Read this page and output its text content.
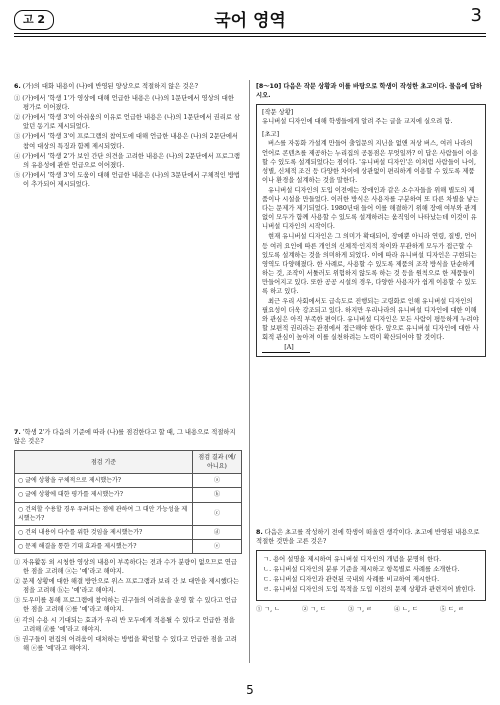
고 2	국어 영역	3
6. (가)의 대화 내용이 (나)에 반영된 양상으로 적절하지 않은 것은?
① (가)에서 '학생 1'가 영상에 대해 언급한 내용은 (나)의 1문단에서 영상의 대한 평가로 이어졌다.
② (가)에서 '학생 3'이 아쉬움의 이유로 언급한 내용은 (나)의 1문단에서 권리로 삼았던 동기로 제시되었다.
③ (가)에서 '학생 3'이 프로그램의 참여도에 대해 언급한 내용은 (나)의 2문단에서 참여 대상의 특징과 함께 제시되었다.
④ (가)에서 '학생 2'가 보인 간단 의견을 고려한 내용은 (나)의 2문단에서 프로그램의 유용성에 관한 언급으로 이어졌다.
⑤ (가)에서 '학생 3'이 도움이 대해 언급한 내용은 (나)의 3문단에서 구체적인 방법이 추가되어 제시되었다.
7. '학생 2'가 다음의 기준에 따라 (나)를 점검한다고 할 때, 그 내용으로 적절하지 않은 것은?
점검 기준	점검 결과 (예/아니요)
○ 글에 상황을 구체적으로 제시했는가?	ⓐ
○ 글에 상황에 대한 평가를 제시했는가?	ⓑ
○ 건의할 수용할 경우 우려되는 점에 관하여 그 대안 가능성을 제시했는가?	ⓒ
○ 건의 내용이 다수를 위한 것임을 제시했는가?	ⓓ
○ 문제 해결을 통한 기대 효과를 제시했는가?	ⓔ
① 자유활동 외 시청한 영상의 내용이 부족하다는 전과 수가 분량이 없으므로 연급한 점을 고려해 ⓐ는 '예'라고 해야지.
② 문제 상황에 대한 해결 방안으로 위스 프로그램과 보리 간 보 대안을 제시했다는 점을 고려해 ⓑ는 '예'라고 해야지.
③ 도우미를 통해 프로그램에 참여하는 권구들의 어려움을 운영 할 수 있다고 언급한 점을 고려해 ⓒ를 '예'라고 해야지.
④ 각의 수용 시 기대되는 효과가 우리 반 모두에게 적용될 수 있다고 언급한 점을 고려해 ⓓ를 '예'라고 해야지.
⑤ 권구들이 편집의 어려움이 대처하는 방법을 확인할 수 있다고 언급한 점을 고려해 ⓔ를 '예'라고 해야지.
[8～10] 다음은 작문 상황과 이를 바탕으로 학생이 작성한 초고이다. 물음에 답하시오.
[작문 상황]
유니버설 디자인에 대해 학생들에게 알려 주는 글을 교지에 실으려 함.
[초고]
버스를 자동화 가설계 만들어 출입문의 지닌을 없앤 저상 버스, 여러 나라의 언어로 콘텐츠를 제공하는 누리집의 공통점은 무엇일까? 이 답은 사람들이 이용할 수 있도록 설계되었다는 점이다. '유니버설 디자인'은 이처럼 사람들이 나이, 성별, 신체적 조건 등 다양한 차이에 상관없이 편리하게 이용할 수 있도록 제품이나 환경을 설계하는 것을 말한다.
유니버설 디자인의 도입 이전에는 장애인과 같은 소수자들을 위해 별도의 제품이나 시설을 만들었다. 이러한 방식은 사용자를 구분하여 또 다른 차별을 낳는다는 문제가 제기되었다. 1980년대 들어 이를 해결하기 위해 장애 여부와 관계없이 모두가 함께 사용할 수 있도록 설계하려는 움직임이 나타났는데 이것이 유니버설 디자인의 시작이다.
현재 유니버설 디자인은 그 의미가 확대되어, 장애뿐 아니라 연령, 질병, 언어 등 여러 요인에 따른 개인의 신체적·인지적 차이와 무관하게 모두가 접근할 수 있도록 설계하는 것을 의미하게 되었다. 이에 따라 유니버설 디자인은 구현되는 영역도 다양해졌다. 한 사례로, 사용할 수 있도록 제품의 조작 방식을 단순하게 하는 것, 조작이 서툴러도 위험하지 않도록 하는 것 등을 원칙으로 한 제품들이 만들어지고 있다. 또한 공공 시설의 경우, 다양한 사용자가 쉽게 이용할 수 있도록 하고 있다.
최근 우리 사회에서도 급속도로 진행되는 고령화로 인해 유니버설 디자인의 필요성이 더욱 강조되고 있다. 하지만 우리나라의 유니버설 디자인에 대한 이해와 관심은 아직 부족한 편이다. 유니버설 디자인은 모든 사람이 평등하게 누려야 할 보편적 권리라는 관점에서 접근해야 한다. 앞으로 유니버설 디자인에 대한 사회적 관심이 높아져 이를 실천하려는 노력이 확산되어야 할 것이다. [A]
8. 다음은 초고를 작성하기 전에 학생이 떠올린 생각이다. 초고에 반영된 내용으로 적절한 것만을 고른 것은?
ㄱ. 용어 설명을 제시하여 유니버설 디자인의 개념을 분명히 한다.
ㄴ. 유니버설 디자인의 분류 기준을 제시하고 항목별로 사례를 소개한다.
ㄷ. 유니버설 디자인과 관련된 국내외 사례를 비교하여 제시한다.
ㄹ. 유니버설 디자인의 도입 목적을 도입 이전의 문제 상황과 관련지어 밝힌다.
① ㄱ, ㄴ	② ㄱ, ㄷ	③ ㄱ, ㄹ	④ ㄴ, ㄷ	⑤ ㄷ, ㄹ
5
